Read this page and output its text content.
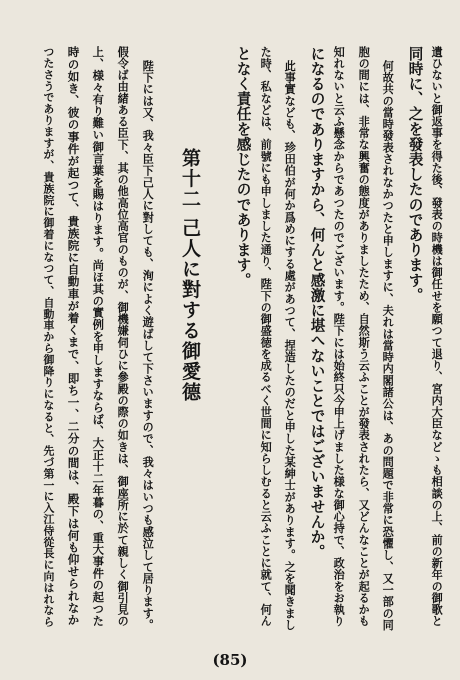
遺ひないと御返事を得た後、發表の時機は御任せを願つて退り、宮内大臣などゝも相談の上、前の新年の御歌と
同時に、之を發表したのであります。
何故共の當時發表されなかつたと申しますに、夫れは當時内閣諸公は、あの問題で非常に恐懼し、又一部の同
胞の間には、非常な興奮の態度がありましたため、自然斯う云ふことが發表されたら、又どんなことが起るかも
知れないと云ふ懸念からであつたのでございます。陛下には始終只今申上げました様な御心持で、政治をお執り
になるのでありますから、何んと感激に堪へないことではございませんか。
此事實なども、珍田伯が何か爲めにする處があつて、捏造したのだと申した某紳士があります。之を聞きまし
た時、私などは、前號にも申しました通り、陛下の御盛徳を成るべく世間に知らしむると云ふことに就て、何ん
となく責任を感じたのであります。
第十二 己人に對する御愛德
陛下には又、我々臣下己人に對しても、洵によく遊ばして下さいますので、我々はいつも感泣して居ります。
假令ば由緒ある臣下、其の他高位高官のものが、御機嫌伺ひに參殿の際の如きは、御座所に於て親しく御引見の
上、様々有り難い御言葉を賜はります。尚ほ其の實例を申しますならば、大正十二年暮の、重大事件の起つた
時の如き、彼の事件が起つて、貴族院に自動車が着くまで、即ち一、二分の間は、殿下は何も仰せられなか
つたさうでありますが、貴族院に御着になつて、自動車から御降りになると、先づ第一に入江侍從長に向はれなら
(85)
